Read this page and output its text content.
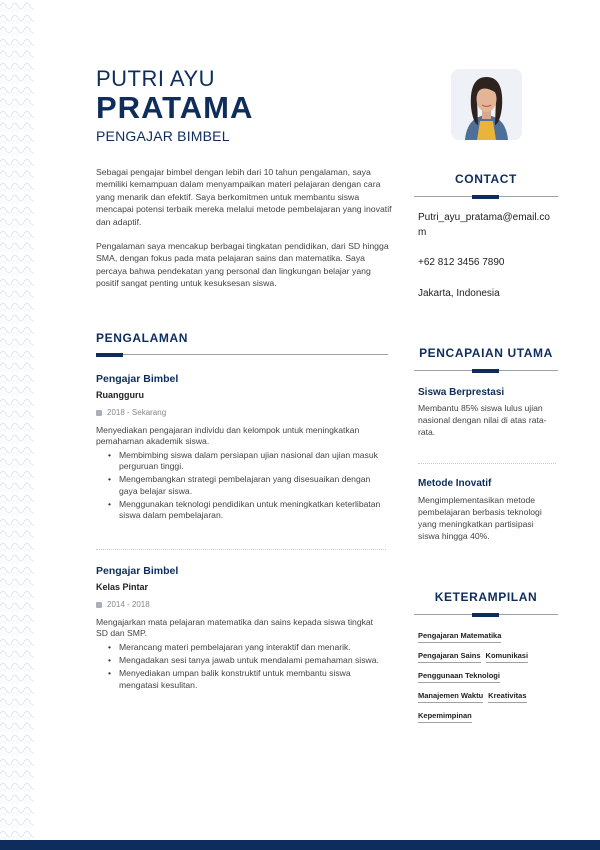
PUTRI AYU
PRATAMA
PENGAJAR BIMBEL

Sebagai pengajar bimbel dengan lebih dari 10 tahun pengalaman, saya memiliki kemampuan dalam menyampaikan materi pelajaran dengan cara yang menarik dan efektif. Saya berkomitmen untuk membantu siswa mencapai potensi terbaik mereka melalui metode pembelajaran yang inovatif dan adaptif.

Pengalaman saya mencakup berbagai tingkatan pendidikan, dari SD hingga SMA, dengan fokus pada mata pelajaran sains dan matematika. Saya percaya bahwa pendekatan yang personal dan lingkungan belajar yang positif sangat penting untuk kesuksesan siswa.

PENGALAMAN
Pengajar Bimbel
Ruangguru
2018 - Sekarang
Menyediakan pengajaran individu dan kelompok untuk meningkatkan pemahaman akademik siswa.
• Membimbing siswa dalam persiapan ujian nasional dan ujian masuk perguruan tinggi.
• Mengembangkan strategi pembelajaran yang disesuaikan dengan gaya belajar siswa.
• Menggunakan teknologi pendidikan untuk meningkatkan keterlibatan siswa dalam pembelajaran.
Pengajar Bimbel
Kelas Pintar
2014 - 2018
Mengajarkan mata pelajaran matematika dan sains kepada siswa tingkat SD dan SMP.
• Merancang materi pembelajaran yang interaktif dan menarik.
• Mengadakan sesi tanya jawab untuk mendalami pemahaman siswa.
• Menyediakan umpan balik konstruktif untuk membantu siswa mengatasi kesulitan.
CONTACT
Putri_ayu_pratama@email.com
+62 812 3456 7890
Jakarta, Indonesia
PENCAPAIAN UTAMA
Siswa Berprestasi
Membantu 85% siswa lulus ujian nasional dengan nilai di atas rata-rata.
Metode Inovatif
Mengimplementasikan metode pembelajaran berbasis teknologi yang meningkatkan partisipasi siswa hingga 40%.
KETERAMPILAN
Pengajaran Matematika
Pengajaran Sains Komunikasi
Penggunaan Teknologi
Manajemen Waktu Kreativitas
Kepemimpinan
